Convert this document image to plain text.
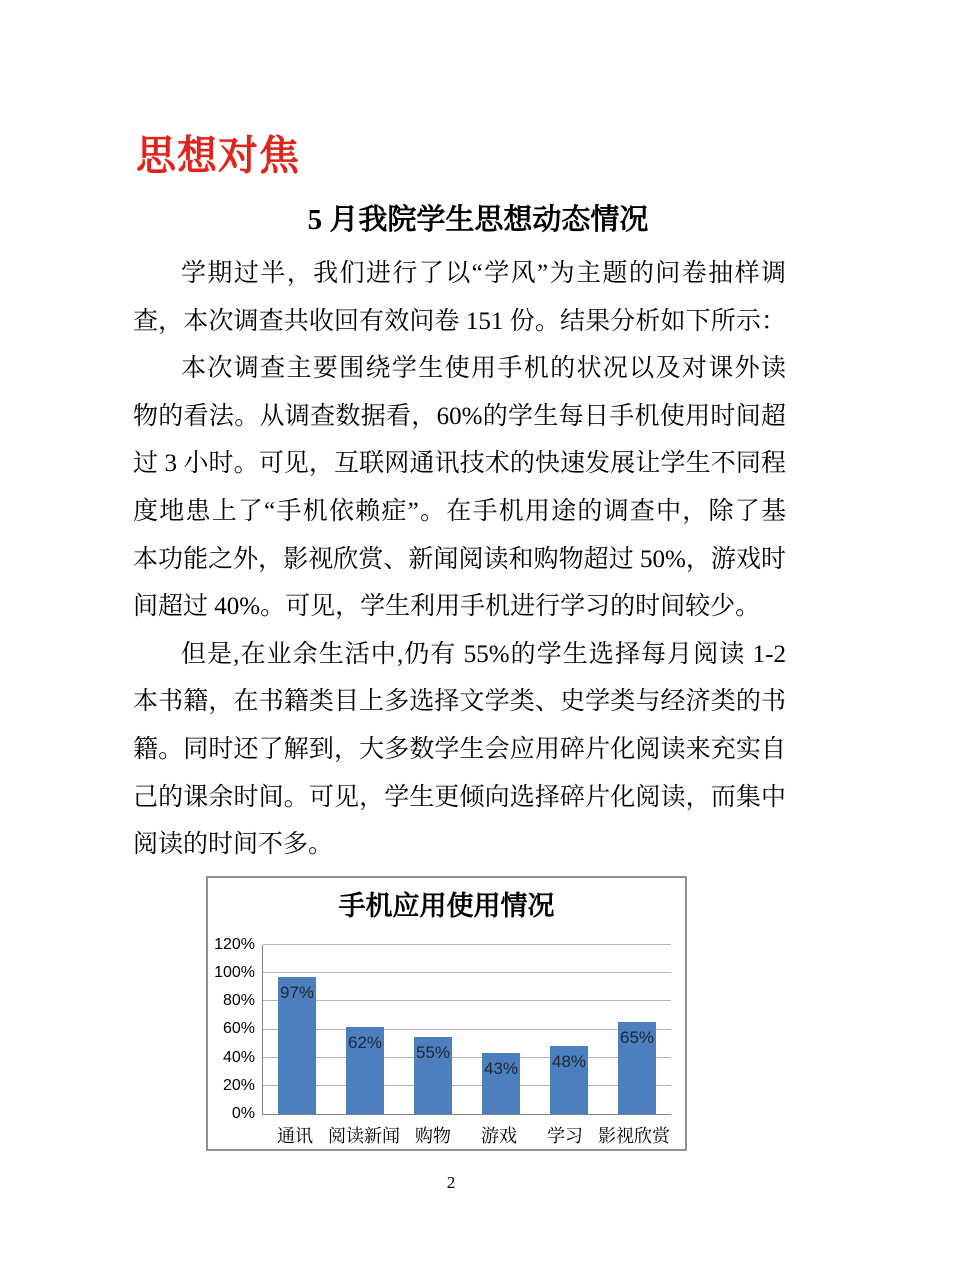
思想对焦
5 月我院学生思想动态情况
学期过半，我们进行了以“学风”为主题的问卷抽样调
查，本次调查共收回有效问卷 151 份。结果分析如下所示：
本次调查主要围绕学生使用手机的状况以及对课外读
物的看法。从调查数据看，60%的学生每日手机使用时间超
过 3 小时。可见，互联网通讯技术的快速发展让学生不同程
度地患上了“手机依赖症”。在手机用途的调查中，除了基
本功能之外，影视欣赏、新闻阅读和购物超过 50%，游戏时
间超过 40%。可见，学生利用手机进行学习的时间较少。
但是,在业余生活中,仍有 55%的学生选择每月阅读 1-2
本书籍，在书籍类目上多选择文学类、史学类与经济类的书
籍。同时还了解到，大多数学生会应用碎片化阅读来充实自
己的课余时间。可见，学生更倾向选择碎片化阅读，而集中
阅读的时间不多。
手机应用使用情况
120%
100%
80%
60%
40%
20%
0%
97%
62%
55%
43%	48%
65%
通讯 阅读新闻 购物	游戏	学习 影视欣赏
2
